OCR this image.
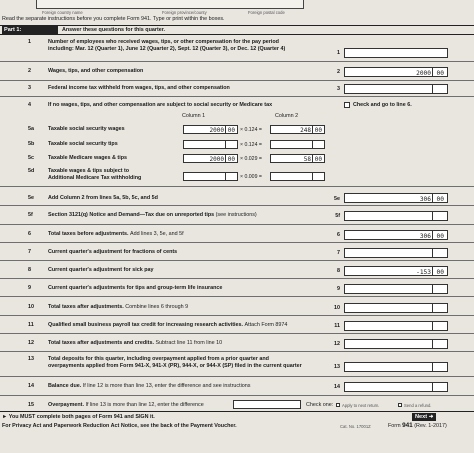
Foreign country name	Foreign province/county	Foreign postal code
Read the separate instructions before you complete Form 941. Type or print within the boxes.
Part 1:	Answer these questions for this quarter.
1	Number of employees who received wages, tips, or other compensation for the pay period
including: Mar. 12 (Quarter 1), June 12 (Quarter 2), Sept. 12 (Quarter 3), or Dec. 12 (Quarter 4)
1
2	Wages, tips, and other compensation	2	2000 00
3	Federal income tax withheld from wages, tips, and other compensation	3
4	If no wages, tips, and other compensation are subject to social security or Medicare tax	Check and go to line 6.
Column 1	Column 2
5a	Taxable social security wages	2000 00 × 0.124 =	248 00
5b	Taxable social security tips	× 0.124 =
5c	Taxable Medicare wages & tips	2000 00 × 0.029 =	58 00
5d	Taxable wages & tips subject to
Additional Medicare Tax withholding	× 0.009 =
5e	Add Column 2 from lines 5a, 5b, 5c, and 5d	5e	306 00
5f	Section 3121(q) Notice and Demand—Tax due on unreported tips (see instructions)	5f
6	Total taxes before adjustments. Add lines 3, 5e, and 5f	6	306 00
7	Current quarter's adjustment for fractions of cents	7
8	Current quarter's adjustment for sick pay	8	-153 00
9	Current quarter's adjustments for tips and group-term life insurance	9
10	Total taxes after adjustments. Combine lines 6 through 9	10
11	Qualified small business payroll tax credit for increasing research activities. Attach Form 8974	11
12	Total taxes after adjustments and credits. Subtract line 11 from line 10	12
13	Total deposits for this quarter, including overpayment applied from a prior quarter and
overpayments applied from Form 941-X, 941-X (PR), 944-X, or 944-X (SP) filed in the current quarter	13
14	Balance due. If line 12 is more than line 13, enter the difference and see instructions	14
15	Overpayment. If line 13 is more than line 12, enter the difference	Check one: Apply to next return.	Send a refund.
► You MUST complete both pages of Form 941 and SIGN it.	Next ➜
For Privacy Act and Paperwork Reduction Act Notice, see the back of the Payment Voucher.	Cat. No. 17001Z	Form 941 (Rev. 1-2017)
